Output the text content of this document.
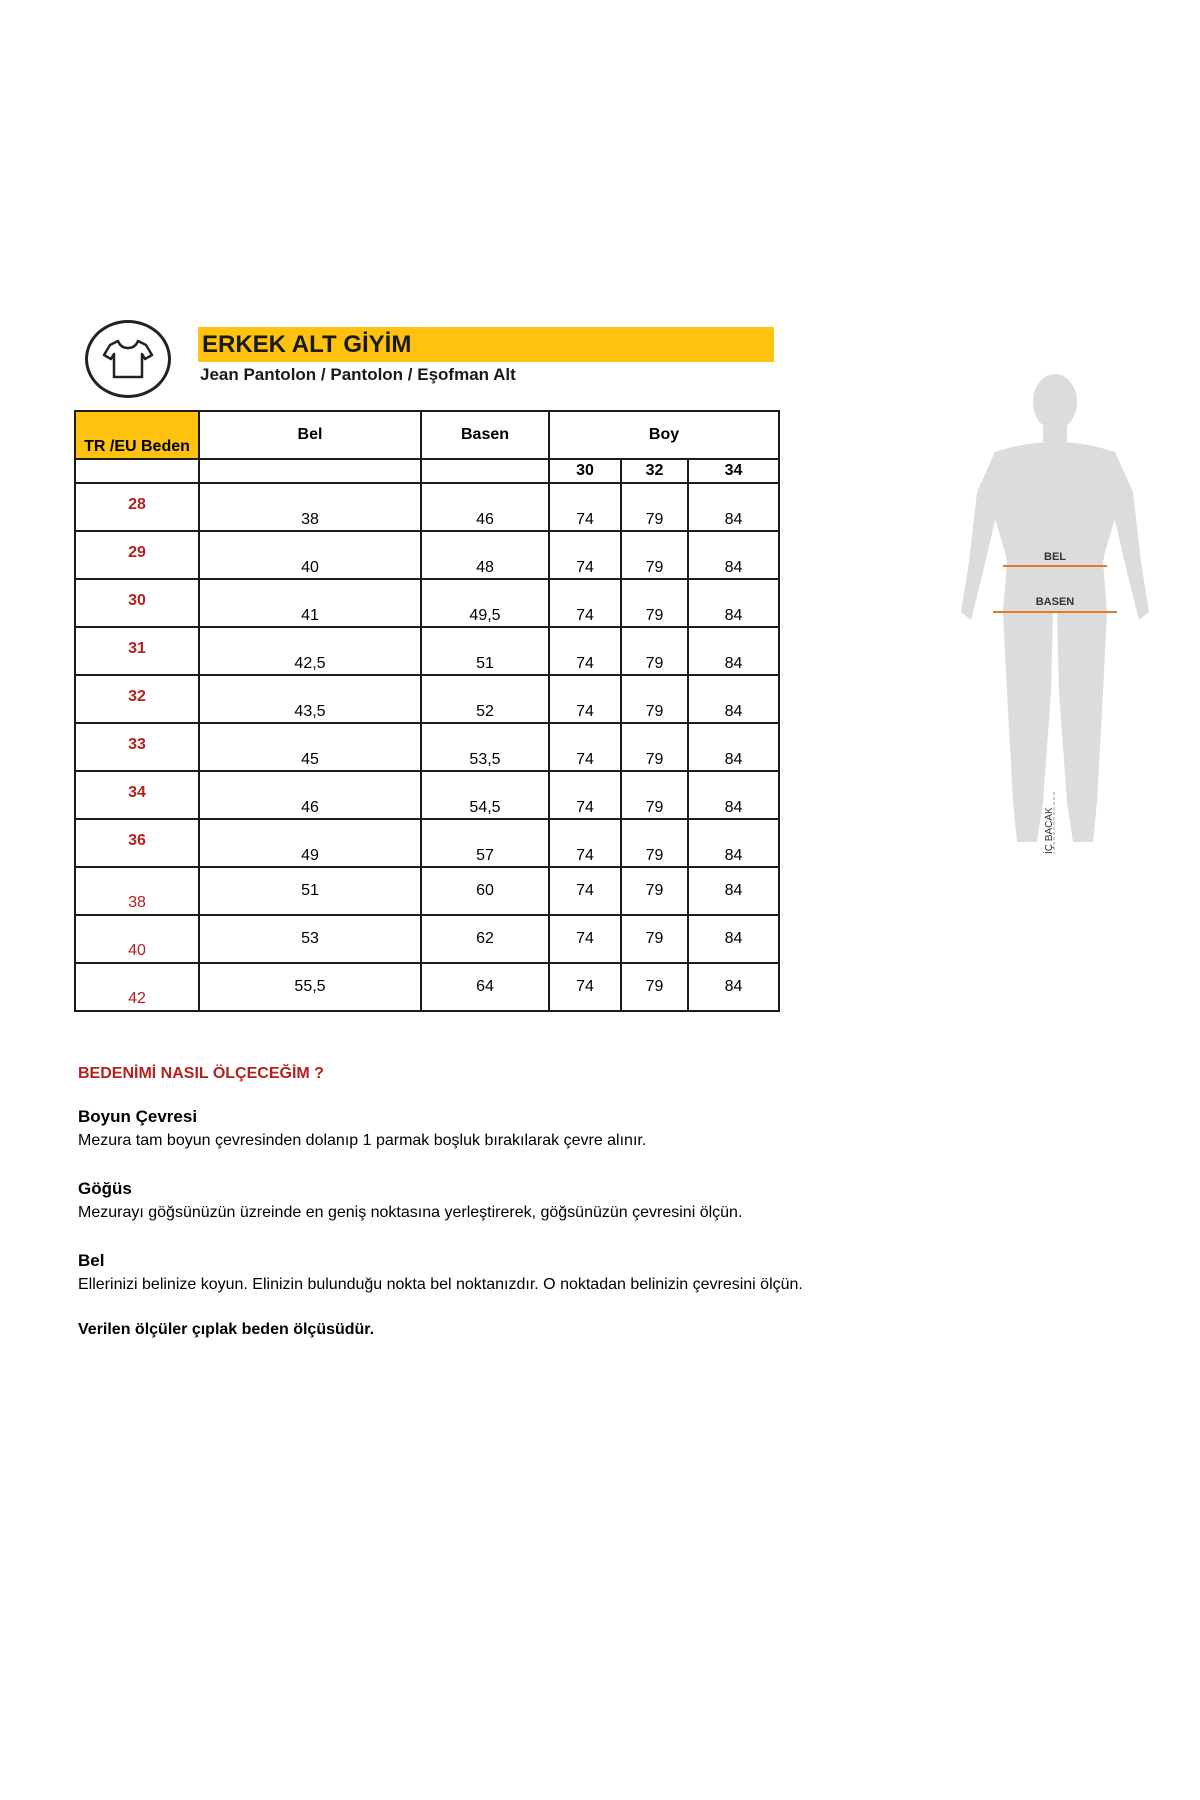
ERKEK ALT GİYİM
Jean Pantolon / Pantolon / Eşofman Alt
TR /EU Beden	Bel	Basen	Boy		
			30	32	34
28	38	46	74	79	84
29	40	48	74	79	84
30	41	49,5	74	79	84
31	42,5	51	74	79	84
32	43,5	52	74	79	84
33	45	53,5	74	79	84
34	46	54,5	74	79	84
36	49	57	74	79	84
38	51	60	74	79	84
40	53	62	74	79	84
42	55,5	64	74	79	84
BEL
BASEN
İÇ BACAK

BEDENİMİ NASIL ÖLÇECEĞİM ?

Boyun Çevresi

Mezura tam boyun çevresinden dolanıp 1 parmak boşluk bırakılarak çevre alınır.

Göğüs

Mezurayı göğsünüzün üzreinde en geniş noktasına yerleştirerek, göğsünüzün çevresini ölçün.

Bel

Ellerinizi belinize koyun. Elinizin bulunduğu nokta bel noktanızdır. O noktadan belinizin çevresini ölçün.

Verilen ölçüler çıplak beden ölçüsüdür.
